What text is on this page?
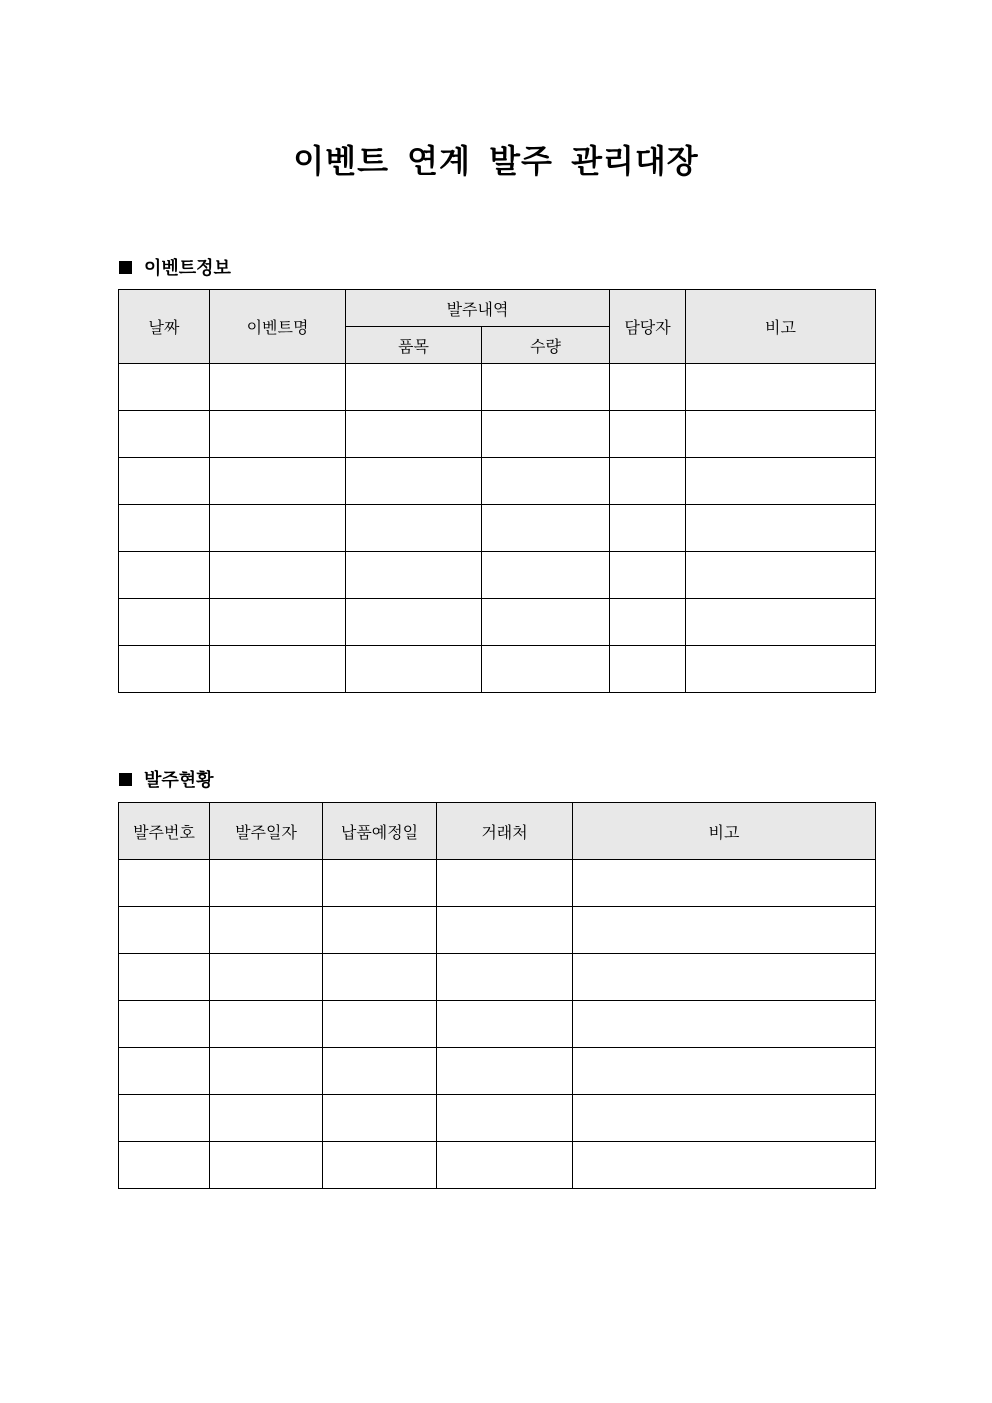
이벤트 연계 발주 관리대장
이벤트정보
날짜	이벤트명	발주내역		담당자	비고
		품목	수량		

발주현황
발주번호	발주일자	납품예정일	거래처	비고
